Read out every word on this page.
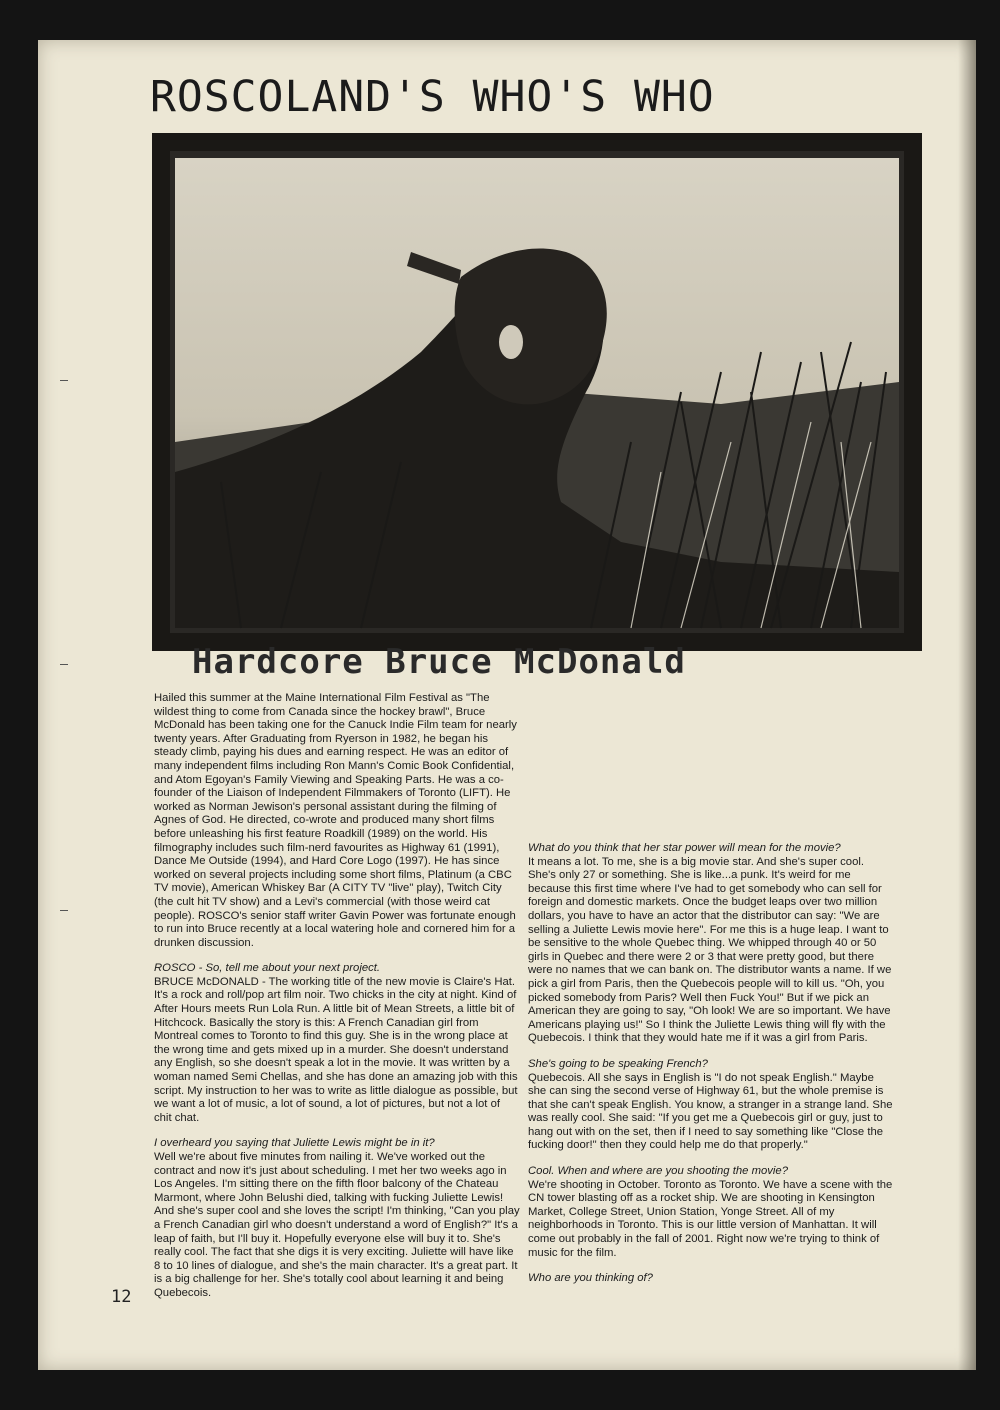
ROSCOLAND'S WHO'S WHO
Hardcore Bruce McDonald

Hailed this summer at the Maine International Film Festival as "The wildest thing to come from Canada since the hockey brawl", Bruce McDonald has been taking one for the Canuck Indie Film team for nearly twenty years. After Graduating from Ryerson in 1982, he began his steady climb, paying his dues and earning respect. He was an editor of many independent films including Ron Mann's Comic Book Confidential, and Atom Egoyan's Family Viewing and Speaking Parts. He was a co-founder of the Liaison of Independent Filmmakers of Toronto (LIFT). He worked as Norman Jewison's personal assistant during the filming of Agnes of God. He directed, co-wrote and produced many short films before unleashing his first feature Roadkill (1989) on the world. His filmography includes such film-nerd favourites as Highway 61 (1991), Dance Me Outside (1994), and Hard Core Logo (1997). He has since worked on several projects including some short films, Platinum (a CBC TV movie), American Whiskey Bar (A CITY TV "live" play), Twitch City (the cult hit TV show) and a Levi's commercial (with those weird cat people). ROSCO's senior staff writer Gavin Power was fortunate enough to run into Bruce recently at a local watering hole and cornered him for a drunken discussion.

ROSCO - So, tell me about your next project.

BRUCE McDONALD - The working title of the new movie is Claire's Hat. It's a rock and roll/pop art film noir. Two chicks in the city at night. Kind of After Hours meets Run Lola Run. A little bit of Mean Streets, a little bit of Hitchcock. Basically the story is this: A French Canadian girl from Montreal comes to Toronto to find this guy. She is in the wrong place at the wrong time and gets mixed up in a murder. She doesn't understand any English, so she doesn't speak a lot in the movie. It was written by a woman named Semi Chellas, and she has done an amazing job with this script. My instruction to her was to write as little dialogue as possible, but we want a lot of music, a lot of sound, a lot of pictures, but not a lot of chit chat.

I overheard you saying that Juliette Lewis might be in it?

Well we're about five minutes from nailing it. We've worked out the contract and now it's just about scheduling. I met her two weeks ago in Los Angeles. I'm sitting there on the fifth floor balcony of the Chateau Marmont, where John Belushi died, talking with fucking Juliette Lewis! And she's super cool and she loves the script! I'm thinking, "Can you play a French Canadian girl who doesn't understand a word of English?" It's a leap of faith, but I'll buy it. Hopefully everyone else will buy it to. She's really cool. The fact that she digs it is very exciting. Juliette will have like 8 to 10 lines of dialogue, and she's the main character. It's a great part. It is a big challenge for her. She's totally cool about learning it and being Quebecois.

What do you think that her star power will mean for the movie?

It means a lot. To me, she is a big movie star. And she's super cool. She's only 27 or something. She is like...a punk. It's weird for me because this first time where I've had to get somebody who can sell for foreign and domestic markets. Once the budget leaps over two million dollars, you have to have an actor that the distributor can say: "We are selling a Juliette Lewis movie here". For me this is a huge leap. I want to be sensitive to the whole Quebec thing. We whipped through 40 or 50 girls in Quebec and there were 2 or 3 that were pretty good, but there were no names that we can bank on. The distributor wants a name. If we pick a girl from Paris, then the Quebecois people will to kill us. "Oh, you picked somebody from Paris? Well then Fuck You!" But if we pick an American they are going to say, "Oh look! We are so important. We have Americans playing us!" So I think the Juliette Lewis thing will fly with the Quebecois. I think that they would hate me if it was a girl from Paris.

She's going to be speaking French?

Quebecois. All she says in English is "I do not speak English." Maybe she can sing the second verse of Highway 61, but the whole premise is that she can't speak English. You know, a stranger in a strange land. She was really cool. She said: "If you get me a Quebecois girl or guy, just to hang out with on the set, then if I need to say something like "Close the fucking door!" then they could help me do that properly."

Cool. When and where are you shooting the movie?

We're shooting in October. Toronto as Toronto. We have a scene with the CN tower blasting off as a rocket ship. We are shooting in Kensington Market, College Street, Union Station, Yonge Street. All of my neighborhoods in Toronto. This is our little version of Manhattan. It will come out probably in the fall of 2001. Right now we're trying to think of music for the film.

Who are you thinking of?
12
